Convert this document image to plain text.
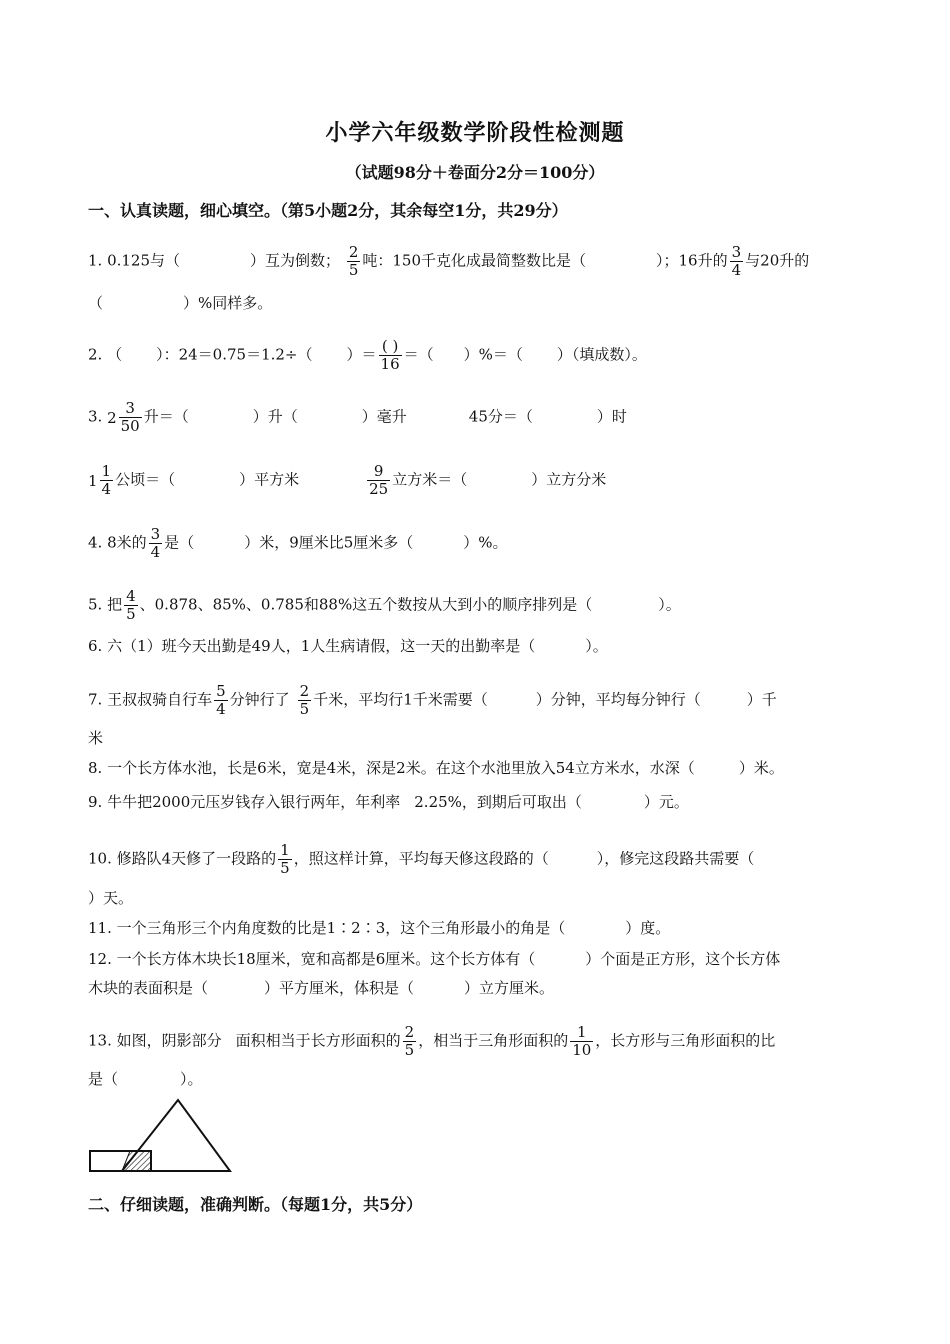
小学六年级数学阶段性检测题
（试题98分＋卷面分2分＝100分）
一、认真读题，细心填空。（第5小题2分，其余每空1分，共29分）
1. 0.125与（	）互为倒数； $\frac{2}{5}$ 吨：150千克化成最简整数比是（	）；16升的 $\frac{3}{4}$ 与20升的
（	）%同样多。
2. （ ）：24＝0.75＝1.2÷（ ）＝ $\frac{( )}{16}$ ＝（ ）%＝（ ）（填成数）。
3. $2 \frac{3}{50}$ 升＝（	）升（	）毫升	45分＝（	）时
$1 \frac{1}{4}$ 公顷＝（	）平方米	$\frac{9}{25}$ 立方米＝（	）立方分米
4. 8米的 $\frac{3}{4}$ 是（	）米，9厘米比5厘米多（	）%。
5. 把 $\frac{4}{5}$ 、0.878、85%、0.785和88%这五个数按从大到小的顺序排列是（	）。
6. 六（1）班今天出勤是49人，1人生病请假，这一天的出勤率是（	）。
7. 王叔叔骑自行车 $\frac{5}{4}$ 分钟行了 $\frac{2}{5}$ 千米，平均行1千米需要（	）分钟，平均每分钟行（	）千
米
8. 一个长方体水池，长是6米，宽是4米，深是2米。在这个水池里放入54立方米水，水深（	）米。
9. 牛牛把2000元压岁钱存入银行两年，年利率 2.25%，到期后可取出（	）元。
10. 修路队4天修了一段路的 $\frac{1}{5}$ ，照这样计算，平均每天修这段路的（	），修完这段路共需要（
）天。
11. 一个三角形三个内角度数的比是1∶2∶3，这个三角形最小的角是（	）度。
12. 一个长方体木块长18厘米，宽和高都是6厘米。这个长方体有（	）个面是正方形，这个长方体
木块的表面积是（	）平方厘米，体积是（	）立方厘米。
13. 如图，阴影部分 面积相当于长方形面积的 $\frac{2}{5}$ ，相当于三角形面积的 $\frac{1}{10}$ ，长方形与三角形面积的比
是（	）。
二、仔细读题，准确判断。（每题1分，共5分）
